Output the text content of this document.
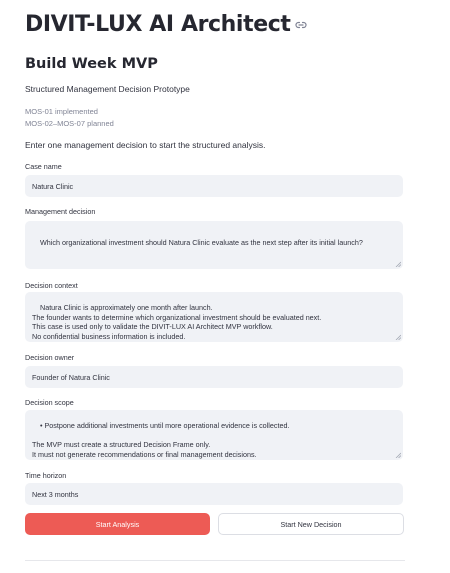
DIVIT-LUX AI Architect
Build Week MVP
Structured Management Decision Prototype
MOS-01 implemented
MOS-02–MOS-07 planned
Enter one management decision to start the structured analysis.
Case name
Natura Clinic
Management decision

Which organizational investment should Natura Clinic evaluate as the next step after its initial launch?

Decision context

Natura Clinic is approximately one month after launch.
The founder wants to determine which organizational investment should be evaluated next.
This case is used only to validate the DIVIT-LUX AI Architect MVP workflow.
No confidential business information is included.

Decision owner
Founder of Natura Clinic
Decision scope

• Postpone additional investments until more operational evidence is collected.

The MVP must create a structured Decision Frame only.
It must not generate recommendations or final management decisions.

Time horizon
Next 3 months
Start Analysis	Start New Decision
